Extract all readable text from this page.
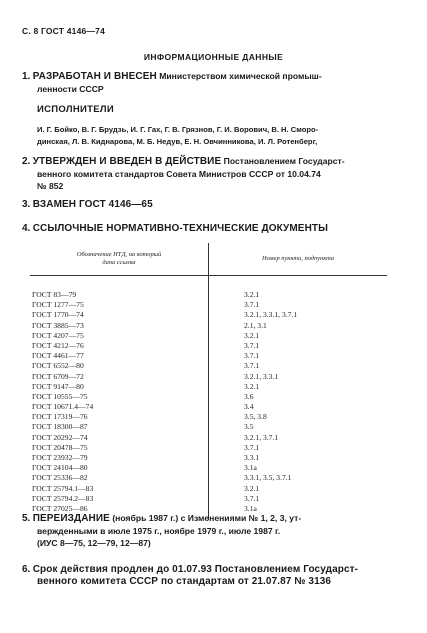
С. 8 ГОСТ 4146—74
ИНФОРМАЦИОННЫЕ ДАННЫЕ
1. РАЗРАБОТАН И ВНЕСЕН Министерством химической промыш-
ленности СССР
ИСПОЛНИТЕЛИ
И. Г. Бойко, В. Г. Брудзь, И. Г. Гах, Г. В. Грязнов, Г. И. Ворович, В. Н. Сморо-
динская, Л. В. Киднарова, М. Б. Недув, Е. Н. Овчинникова, И. Л. Ротенберг,
2. УТВЕРЖДЕН И ВВЕДЕН В ДЕЙСТВИЕ Постановлением Государст-
венного комитета стандартов Совета Министров СССР от 10.04.74
№ 852
3. ВЗАМЕН ГОСТ 4146—65
4. ССЫЛОЧНЫЕ НОРМАТИВНО-ТЕХНИЧЕСКИЕ ДОКУМЕНТЫ
Обозначение НТД, на который
дана ссылка	Номер пункта, подпункта

ГОСТ 83—79	3.2.1
ГОСТ 1277—75	3.7.1
ГОСТ 1770—74	3.2.1, 3.3.1, 3.7.1
ГОСТ 3885—73	2.1, 3.1
ГОСТ 4207—75	3.2.1
ГОСТ 4212—76	3.7.1
ГОСТ 4461—77	3.7.1
ГОСТ 6552—80	3.7.1
ГОСТ 6709—72	3.2.1, 3.3.1
ГОСТ 9147—80	3.2.1
ГОСТ 10555—75	3.6
ГОСТ 10671.4—74	3.4
ГОСТ 17319—76	3.5, 3.8
ГОСТ 18300—87	3.5
ГОСТ 20292—74	3.2.1, 3.7.1
ГОСТ 20478—75	3.7.1
ГОСТ 23932—79	3.3.1
ГОСТ 24104—80	3.1а
ГОСТ 25336—82	3.3.1, 3.5, 3.7.1
ГОСТ 25794.1—83	3.2.1
ГОСТ 25794.2—83	3.7.1
ГОСТ 27025—86	3.1а

5. ПЕРЕИЗДАНИЕ (ноябрь 1987 г.) с Изменениями № 1, 2, 3, ут-
вержденными в июле 1975 г., ноябре 1979 г., июле 1987 г.
(ИУС 8—75, 12—79, 12—87)
6. Срок действия продлен до 01.07.93 Постановлением Государст-
венного комитета СССР по стандартам от 21.07.87 № 3136
